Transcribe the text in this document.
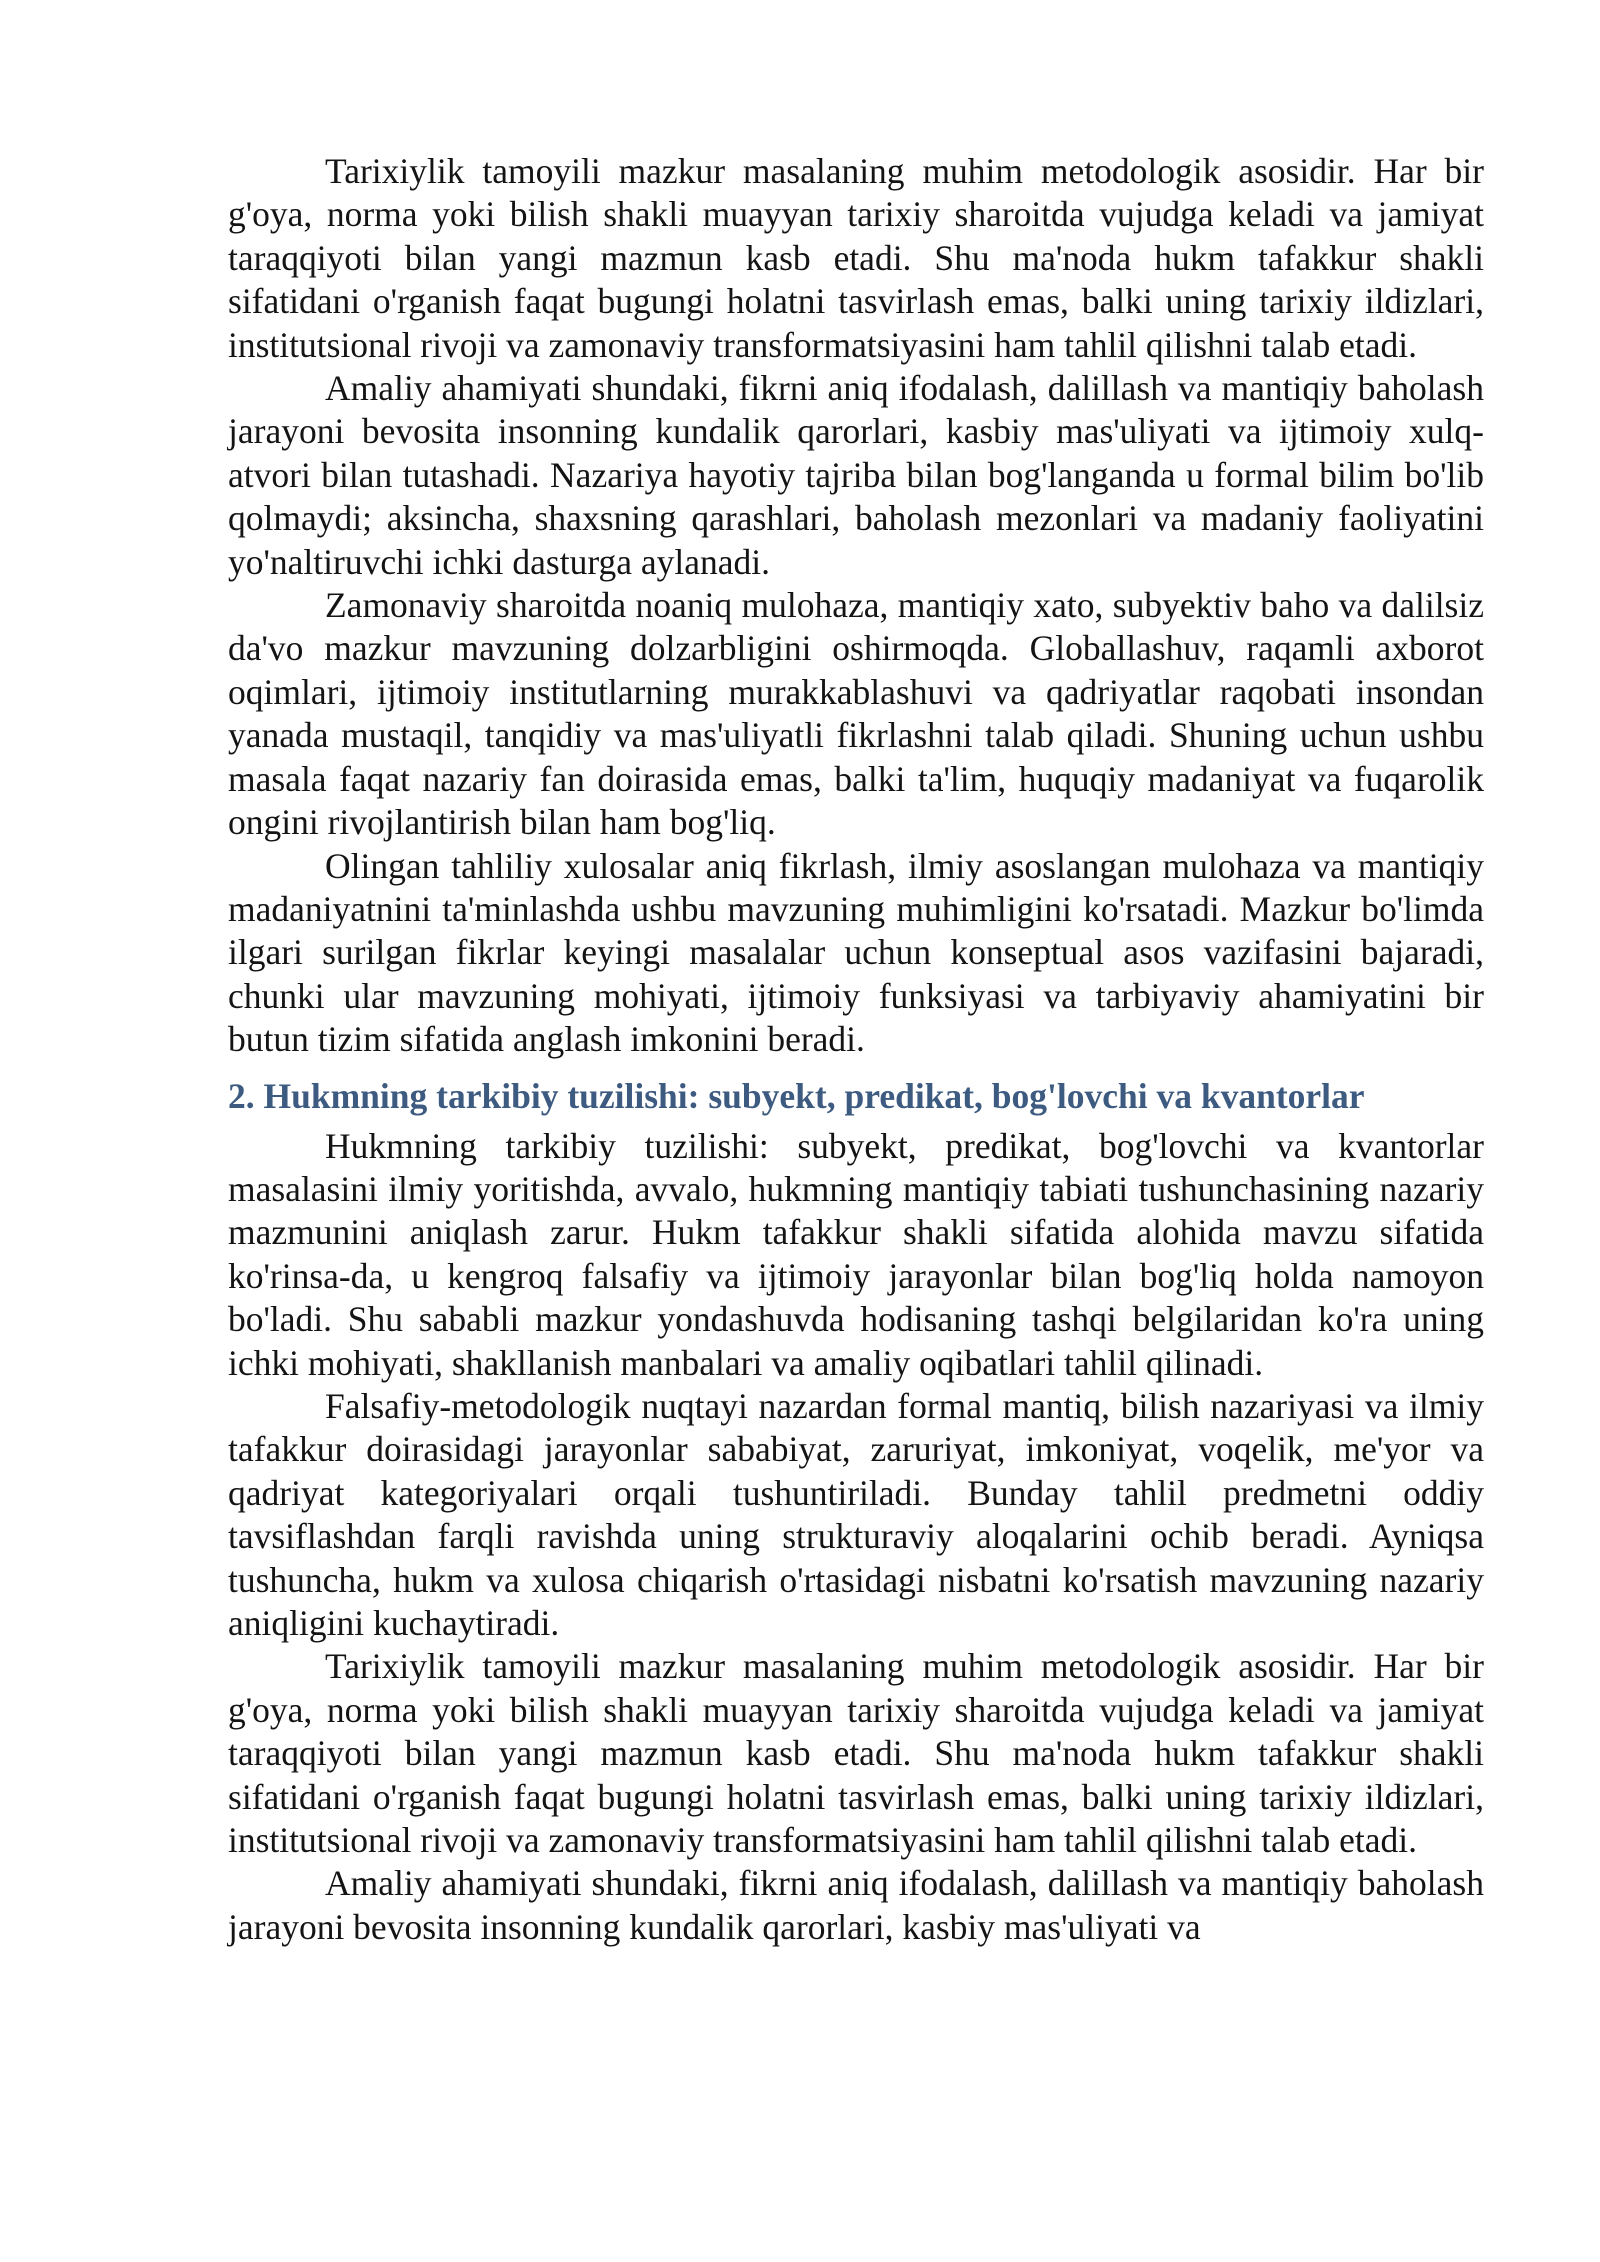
Tarixiylik tamoyili mazkur masalaning muhim metodologik asosidir. Har bir g'oya, norma yoki bilish shakli muayyan tarixiy sharoitda vujudga keladi va jamiyat taraqqiyoti bilan yangi mazmun kasb etadi. Shu ma'noda hukm tafakkur shakli sifatidani o'rganish faqat bugungi holatni tasvirlash emas, balki uning tarixiy ildizlari, institutsional rivoji va zamonaviy transformatsiyasini ham tahlil qilishni talab etadi.

Amaliy ahamiyati shundaki, fikrni aniq ifodalash, dalillash va mantiqiy baholash jarayoni bevosita insonning kundalik qarorlari, kasbiy mas'uliyati va ijtimoiy xulq-atvori bilan tutashadi. Nazariya hayotiy tajriba bilan bog'langanda u formal bilim bo'lib qolmaydi; aksincha, shaxsning qarashlari, baholash mezonlari va madaniy faoliyatini yo'naltiruvchi ichki dasturga aylanadi.

Zamonaviy sharoitda noaniq mulohaza, mantiqiy xato, subyektiv baho va dalilsiz da'vo mazkur mavzuning dolzarbligini oshirmoqda. Globallashuv, raqamli axborot oqimlari, ijtimoiy institutlarning murakkablashuvi va qadriyatlar raqobati insondan yanada mustaqil, tanqidiy va mas'uliyatli fikrlashni talab qiladi. Shuning uchun ushbu masala faqat nazariy fan doirasida emas, balki ta'lim, huquqiy madaniyat va fuqarolik ongini rivojlantirish bilan ham bog'liq.

Olingan tahliliy xulosalar aniq fikrlash, ilmiy asoslangan mulohaza va mantiqiy madaniyatnini ta'minlashda ushbu mavzuning muhimligini ko'rsatadi. Mazkur bo'limda ilgari surilgan fikrlar keyingi masalalar uchun konseptual asos vazifasini bajaradi, chunki ular mavzuning mohiyati, ijtimoiy funksiyasi va tarbiyaviy ahamiyatini bir butun tizim sifatida anglash imkonini beradi.

2. Hukmning tarkibiy tuzilishi: subyekt, predikat, bog'lovchi va kvantorlar

Hukmning tarkibiy tuzilishi: subyekt, predikat, bog'lovchi va kvantorlar masalasini ilmiy yoritishda, avvalo, hukmning mantiqiy tabiati tushunchasining nazariy mazmunini aniqlash zarur. Hukm tafakkur shakli sifatida alohida mavzu sifatida ko'rinsa-da, u kengroq falsafiy va ijtimoiy jarayonlar bilan bog'liq holda namoyon bo'ladi. Shu sababli mazkur yondashuvda hodisaning tashqi belgilaridan ko'ra uning ichki mohiyati, shakllanish manbalari va amaliy oqibatlari tahlil qilinadi.

Falsafiy-metodologik nuqtayi nazardan formal mantiq, bilish nazariyasi va ilmiy tafakkur doirasidagi jarayonlar sababiyat, zaruriyat, imkoniyat, voqelik, me'yor va qadriyat kategoriyalari orqali tushuntiriladi. Bunday tahlil predmetni oddiy tavsiflashdan farqli ravishda uning strukturaviy aloqalarini ochib beradi. Ayniqsa tushuncha, hukm va xulosa chiqarish o'rtasidagi nisbatni ko'rsatish mavzuning nazariy aniqligini kuchaytiradi.

Tarixiylik tamoyili mazkur masalaning muhim metodologik asosidir. Har bir g'oya, norma yoki bilish shakli muayyan tarixiy sharoitda vujudga keladi va jamiyat taraqqiyoti bilan yangi mazmun kasb etadi. Shu ma'noda hukm tafakkur shakli sifatidani o'rganish faqat bugungi holatni tasvirlash emas, balki uning tarixiy ildizlari, institutsional rivoji va zamonaviy transformatsiyasini ham tahlil qilishni talab etadi.

Amaliy ahamiyati shundaki, fikrni aniq ifodalash, dalillash va mantiqiy baholash jarayoni bevosita insonning kundalik qarorlari, kasbiy mas'uliyati va
